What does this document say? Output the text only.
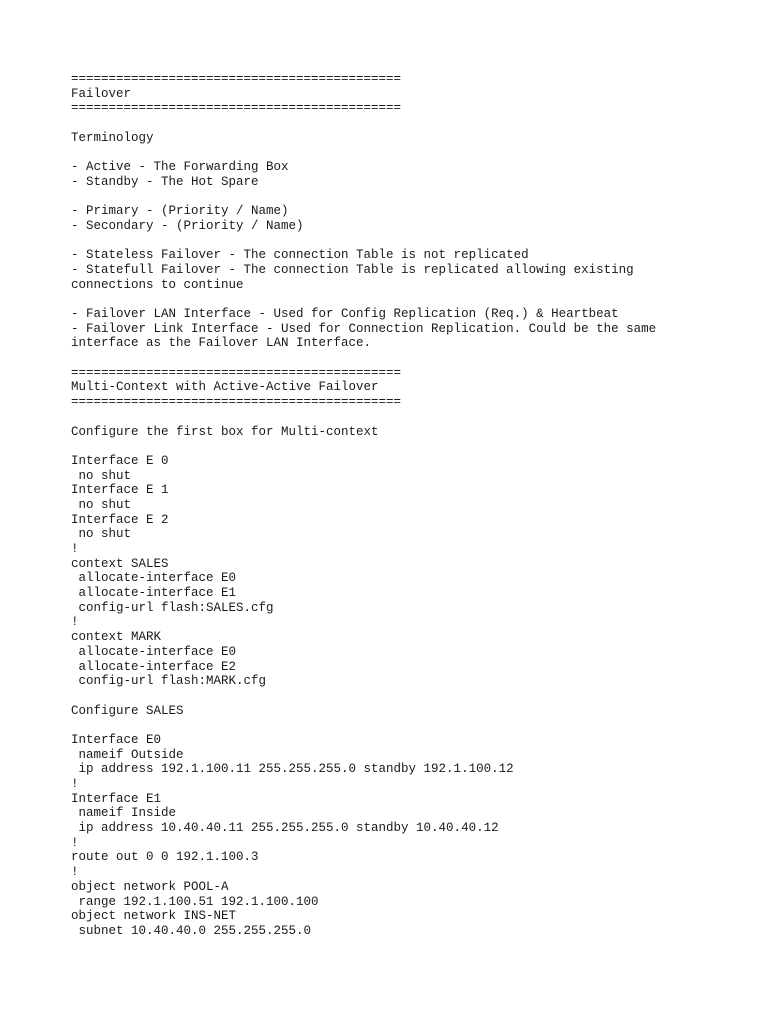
============================================
Failover
============================================
Terminology
- Active - The Forwarding Box
- Standby - The Hot Spare
- Primary - (Priority / Name)
- Secondary - (Priority / Name)
- Stateless Failover - The connection Table is not replicated
- Statefull Failover - The connection Table is replicated allowing existing
connections to continue
- Failover LAN Interface - Used for Config Replication (Req.) & Heartbeat
- Failover Link Interface - Used for Connection Replication. Could be the same
interface as the Failover LAN Interface.
============================================
Multi-Context with Active-Active Failover
============================================
Configure the first box for Multi-context
Interface E 0
no shut
Interface E 1
no shut
Interface E 2
no shut
!
context SALES
allocate-interface E0
allocate-interface E1
config-url flash:SALES.cfg
!
context MARK
allocate-interface E0
allocate-interface E2
config-url flash:MARK.cfg
Configure SALES
Interface E0
nameif Outside
ip address 192.1.100.11 255.255.255.0 standby 192.1.100.12
!
Interface E1
nameif Inside
ip address 10.40.40.11 255.255.255.0 standby 10.40.40.12
!
route out 0 0 192.1.100.3
!
object network POOL-A
range 192.1.100.51 192.1.100.100
object network INS-NET
subnet 10.40.40.0 255.255.255.0
